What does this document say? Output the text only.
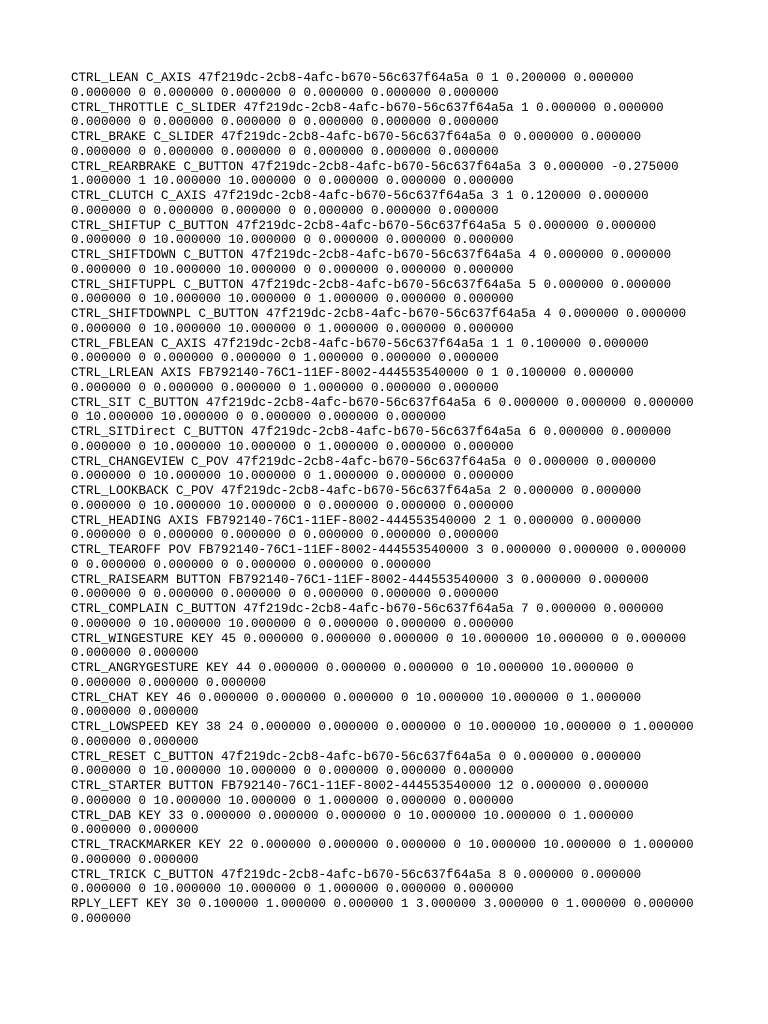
CTRL_LEAN C_AXIS 47f219dc-2cb8-4afc-b670-56c637f64a5a 0 1 0.200000 0.000000
0.000000 0 0.000000 0.000000 0 0.000000 0.000000 0.000000
CTRL_THROTTLE C_SLIDER 47f219dc-2cb8-4afc-b670-56c637f64a5a 1 0.000000 0.000000
0.000000 0 0.000000 0.000000 0 0.000000 0.000000 0.000000
CTRL_BRAKE C_SLIDER 47f219dc-2cb8-4afc-b670-56c637f64a5a 0 0.000000 0.000000
0.000000 0 0.000000 0.000000 0 0.000000 0.000000 0.000000
CTRL_REARBRAKE C_BUTTON 47f219dc-2cb8-4afc-b670-56c637f64a5a 3 0.000000 -0.275000
1.000000 1 10.000000 10.000000 0 0.000000 0.000000 0.000000
CTRL_CLUTCH C_AXIS 47f219dc-2cb8-4afc-b670-56c637f64a5a 3 1 0.120000 0.000000
0.000000 0 0.000000 0.000000 0 0.000000 0.000000 0.000000
CTRL_SHIFTUP C_BUTTON 47f219dc-2cb8-4afc-b670-56c637f64a5a 5 0.000000 0.000000
0.000000 0 10.000000 10.000000 0 0.000000 0.000000 0.000000
CTRL_SHIFTDOWN C_BUTTON 47f219dc-2cb8-4afc-b670-56c637f64a5a 4 0.000000 0.000000
0.000000 0 10.000000 10.000000 0 0.000000 0.000000 0.000000
CTRL_SHIFTUPPL C_BUTTON 47f219dc-2cb8-4afc-b670-56c637f64a5a 5 0.000000 0.000000
0.000000 0 10.000000 10.000000 0 1.000000 0.000000 0.000000
CTRL_SHIFTDOWNPL C_BUTTON 47f219dc-2cb8-4afc-b670-56c637f64a5a 4 0.000000 0.000000
0.000000 0 10.000000 10.000000 0 1.000000 0.000000 0.000000
CTRL_FBLEAN C_AXIS 47f219dc-2cb8-4afc-b670-56c637f64a5a 1 1 0.100000 0.000000
0.000000 0 0.000000 0.000000 0 1.000000 0.000000 0.000000
CTRL_LRLEAN AXIS FB792140-76C1-11EF-8002-444553540000 0 1 0.100000 0.000000
0.000000 0 0.000000 0.000000 0 1.000000 0.000000 0.000000
CTRL_SIT C_BUTTON 47f219dc-2cb8-4afc-b670-56c637f64a5a 6 0.000000 0.000000 0.000000
0 10.000000 10.000000 0 0.000000 0.000000 0.000000
CTRL_SITDirect C_BUTTON 47f219dc-2cb8-4afc-b670-56c637f64a5a 6 0.000000 0.000000
0.000000 0 10.000000 10.000000 0 1.000000 0.000000 0.000000
CTRL_CHANGEVIEW C_POV 47f219dc-2cb8-4afc-b670-56c637f64a5a 0 0.000000 0.000000
0.000000 0 10.000000 10.000000 0 1.000000 0.000000 0.000000
CTRL_LOOKBACK C_POV 47f219dc-2cb8-4afc-b670-56c637f64a5a 2 0.000000 0.000000
0.000000 0 10.000000 10.000000 0 0.000000 0.000000 0.000000
CTRL_HEADING AXIS FB792140-76C1-11EF-8002-444553540000 2 1 0.000000 0.000000
0.000000 0 0.000000 0.000000 0 0.000000 0.000000 0.000000
CTRL_TEAROFF POV FB792140-76C1-11EF-8002-444553540000 3 0.000000 0.000000 0.000000
0 0.000000 0.000000 0 0.000000 0.000000 0.000000
CTRL_RAISEARM BUTTON FB792140-76C1-11EF-8002-444553540000 3 0.000000 0.000000
0.000000 0 0.000000 0.000000 0 0.000000 0.000000 0.000000
CTRL_COMPLAIN C_BUTTON 47f219dc-2cb8-4afc-b670-56c637f64a5a 7 0.000000 0.000000
0.000000 0 10.000000 10.000000 0 0.000000 0.000000 0.000000
CTRL_WINGESTURE KEY 45 0.000000 0.000000 0.000000 0 10.000000 10.000000 0 0.000000
0.000000 0.000000
CTRL_ANGRYGESTURE KEY 44 0.000000 0.000000 0.000000 0 10.000000 10.000000 0
0.000000 0.000000 0.000000
CTRL_CHAT KEY 46 0.000000 0.000000 0.000000 0 10.000000 10.000000 0 1.000000
0.000000 0.000000
CTRL_LOWSPEED KEY 38 24 0.000000 0.000000 0.000000 0 10.000000 10.000000 0 1.000000
0.000000 0.000000
CTRL_RESET C_BUTTON 47f219dc-2cb8-4afc-b670-56c637f64a5a 0 0.000000 0.000000
0.000000 0 10.000000 10.000000 0 0.000000 0.000000 0.000000
CTRL_STARTER BUTTON FB792140-76C1-11EF-8002-444553540000 12 0.000000 0.000000
0.000000 0 10.000000 10.000000 0 1.000000 0.000000 0.000000
CTRL_DAB KEY 33 0.000000 0.000000 0.000000 0 10.000000 10.000000 0 1.000000
0.000000 0.000000
CTRL_TRACKMARKER KEY 22 0.000000 0.000000 0.000000 0 10.000000 10.000000 0 1.000000
0.000000 0.000000
CTRL_TRICK C_BUTTON 47f219dc-2cb8-4afc-b670-56c637f64a5a 8 0.000000 0.000000
0.000000 0 10.000000 10.000000 0 1.000000 0.000000 0.000000
RPLY_LEFT KEY 30 0.100000 1.000000 0.000000 1 3.000000 3.000000 0 1.000000 0.000000
0.000000
